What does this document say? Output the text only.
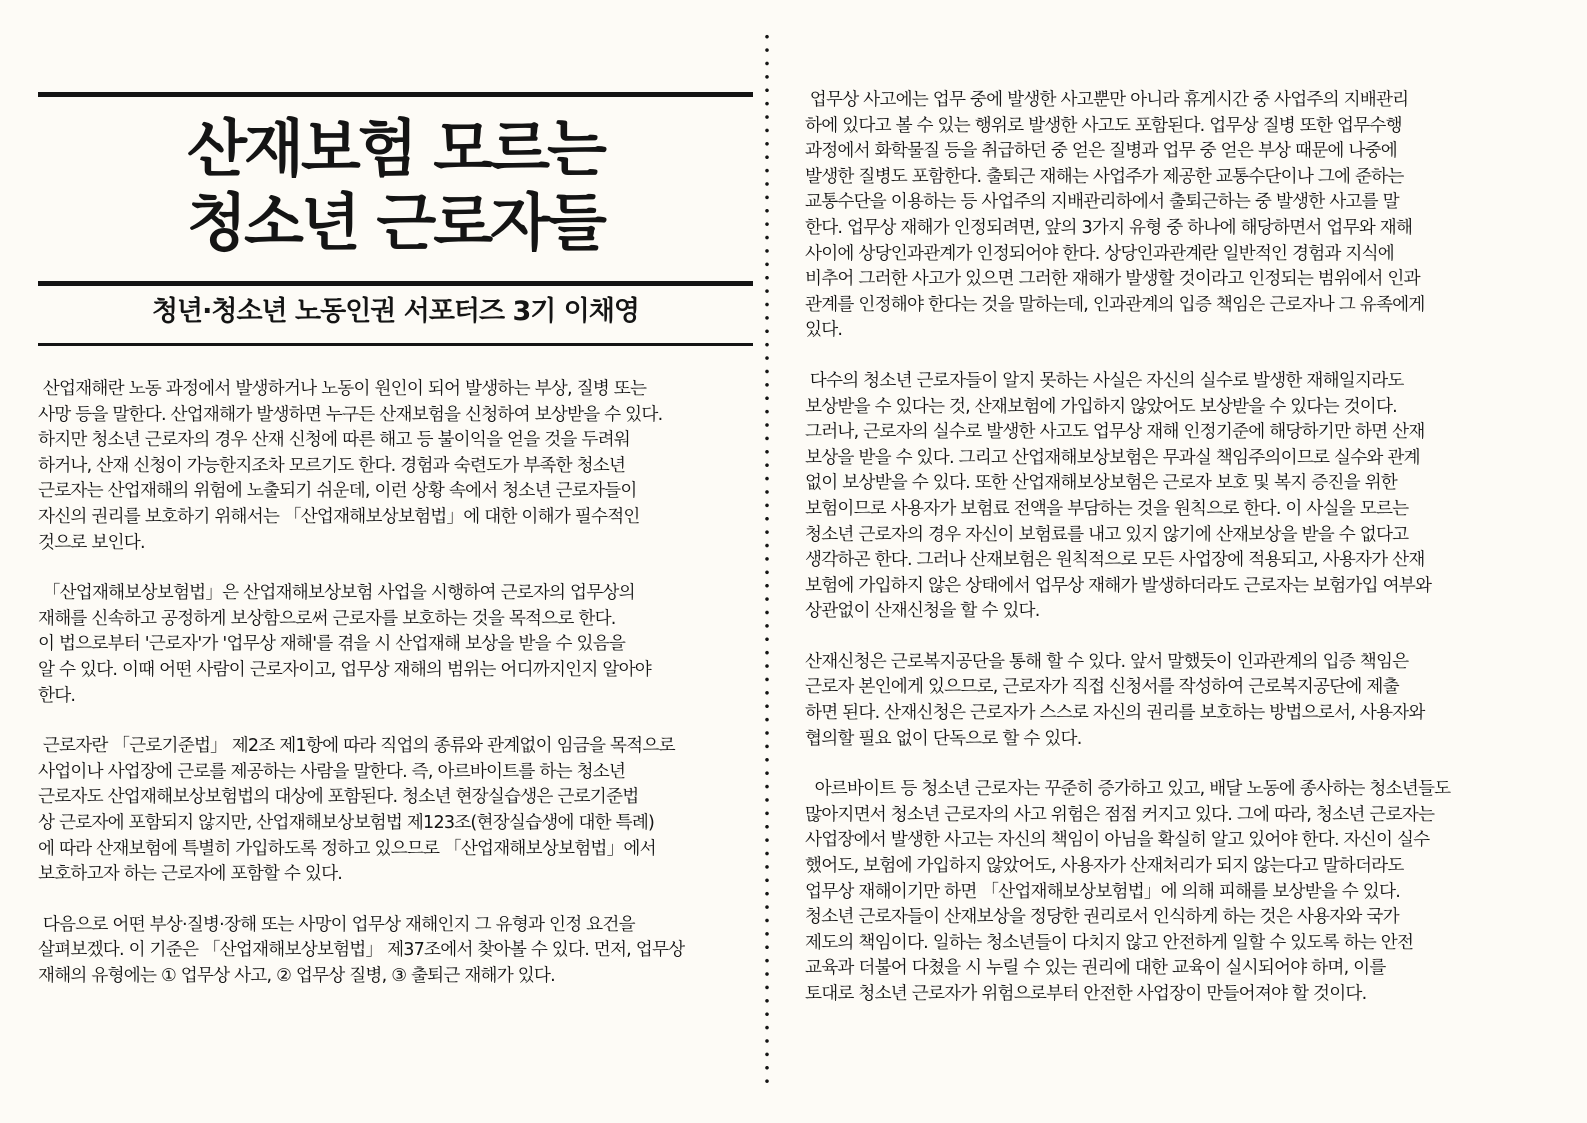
산재보험 모르는
청소년 근로자들

청년·청소년 노동인권 서포터즈 3기 이채영

산업재해란 노동 과정에서 발생하거나 노동이 원인이 되어 발생하는 부상, 질병 또는
사망 등을 말한다. 산업재해가 발생하면 누구든 산재보험을 신청하여 보상받을 수 있다.
하지만 청소년 근로자의 경우 산재 신청에 따른 해고 등 불이익을 얻을 것을 두려워
하거나, 산재 신청이 가능한지조차 모르기도 한다. 경험과 숙련도가 부족한 청소년
근로자는 산업재해의 위험에 노출되기 쉬운데, 이런 상황 속에서 청소년 근로자들이
자신의 권리를 보호하기 위해서는 「산업재해보상보험법」에 대한 이해가 필수적인
것으로 보인다.

「산업재해보상보험법」은 산업재해보상보험 사업을 시행하여 근로자의 업무상의
재해를 신속하고 공정하게 보상함으로써 근로자를 보호하는 것을 목적으로 한다.
이 법으로부터 '근로자'가 '업무상 재해'를 겪을 시 산업재해 보상을 받을 수 있음을
알 수 있다. 이때 어떤 사람이 근로자이고, 업무상 재해의 범위는 어디까지인지 알아야
한다.

근로자란 「근로기준법」 제2조 제1항에 따라 직업의 종류와 관계없이 임금을 목적으로
사업이나 사업장에 근로를 제공하는 사람을 말한다. 즉, 아르바이트를 하는 청소년
근로자도 산업재해보상보험법의 대상에 포함된다. 청소년 현장실습생은 근로기준법
상 근로자에 포함되지 않지만, 산업재해보상보험법 제123조(현장실습생에 대한 특례)
에 따라 산재보험에 특별히 가입하도록 정하고 있으므로 「산업재해보상보험법」에서
보호하고자 하는 근로자에 포함할 수 있다.

다음으로 어떤 부상·질병·장해 또는 사망이 업무상 재해인지 그 유형과 인정 요건을
살펴보겠다. 이 기준은 「산업재해보상보험법」 제37조에서 찾아볼 수 있다. 먼저, 업무상
재해의 유형에는 ① 업무상 사고, ② 업무상 질병, ③ 출퇴근 재해가 있다.

업무상 사고에는 업무 중에 발생한 사고뿐만 아니라 휴게시간 중 사업주의 지배관리
하에 있다고 볼 수 있는 행위로 발생한 사고도 포함된다. 업무상 질병 또한 업무수행
과정에서 화학물질 등을 취급하던 중 얻은 질병과 업무 중 얻은 부상 때문에 나중에
발생한 질병도 포함한다. 출퇴근 재해는 사업주가 제공한 교통수단이나 그에 준하는
교통수단을 이용하는 등 사업주의 지배관리하에서 출퇴근하는 중 발생한 사고를 말
한다. 업무상 재해가 인정되려면, 앞의 3가지 유형 중 하나에 해당하면서 업무와 재해
사이에 상당인과관계가 인정되어야 한다. 상당인과관계란 일반적인 경험과 지식에
비추어 그러한 사고가 있으면 그러한 재해가 발생할 것이라고 인정되는 범위에서 인과
관계를 인정해야 한다는 것을 말하는데, 인과관계의 입증 책임은 근로자나 그 유족에게
있다.

다수의 청소년 근로자들이 알지 못하는 사실은 자신의 실수로 발생한 재해일지라도
보상받을 수 있다는 것, 산재보험에 가입하지 않았어도 보상받을 수 있다는 것이다.
그러나, 근로자의 실수로 발생한 사고도 업무상 재해 인정기준에 해당하기만 하면 산재
보상을 받을 수 있다. 그리고 산업재해보상보험은 무과실 책임주의이므로 실수와 관계
없이 보상받을 수 있다. 또한 산업재해보상보험은 근로자 보호 및 복지 증진을 위한
보험이므로 사용자가 보험료 전액을 부담하는 것을 원칙으로 한다. 이 사실을 모르는
청소년 근로자의 경우 자신이 보험료를 내고 있지 않기에 산재보상을 받을 수 없다고
생각하곤 한다. 그러나 산재보험은 원칙적으로 모든 사업장에 적용되고, 사용자가 산재
보험에 가입하지 않은 상태에서 업무상 재해가 발생하더라도 근로자는 보험가입 여부와
상관없이 산재신청을 할 수 있다.

산재신청은 근로복지공단을 통해 할 수 있다. 앞서 말했듯이 인과관계의 입증 책임은
근로자 본인에게 있으므로, 근로자가 직접 신청서를 작성하여 근로복지공단에 제출
하면 된다. 산재신청은 근로자가 스스로 자신의 권리를 보호하는 방법으로서, 사용자와
협의할 필요 없이 단독으로 할 수 있다.

아르바이트 등 청소년 근로자는 꾸준히 증가하고 있고, 배달 노동에 종사하는 청소년들도
많아지면서 청소년 근로자의 사고 위험은 점점 커지고 있다. 그에 따라, 청소년 근로자는
사업장에서 발생한 사고는 자신의 책임이 아님을 확실히 알고 있어야 한다. 자신이 실수
했어도, 보험에 가입하지 않았어도, 사용자가 산재처리가 되지 않는다고 말하더라도
업무상 재해이기만 하면 「산업재해보상보험법」에 의해 피해를 보상받을 수 있다.
청소년 근로자들이 산재보상을 정당한 권리로서 인식하게 하는 것은 사용자와 국가
제도의 책임이다. 일하는 청소년들이 다치지 않고 안전하게 일할 수 있도록 하는 안전
교육과 더불어 다쳤을 시 누릴 수 있는 권리에 대한 교육이 실시되어야 하며, 이를
토대로 청소년 근로자가 위험으로부터 안전한 사업장이 만들어져야 할 것이다.
